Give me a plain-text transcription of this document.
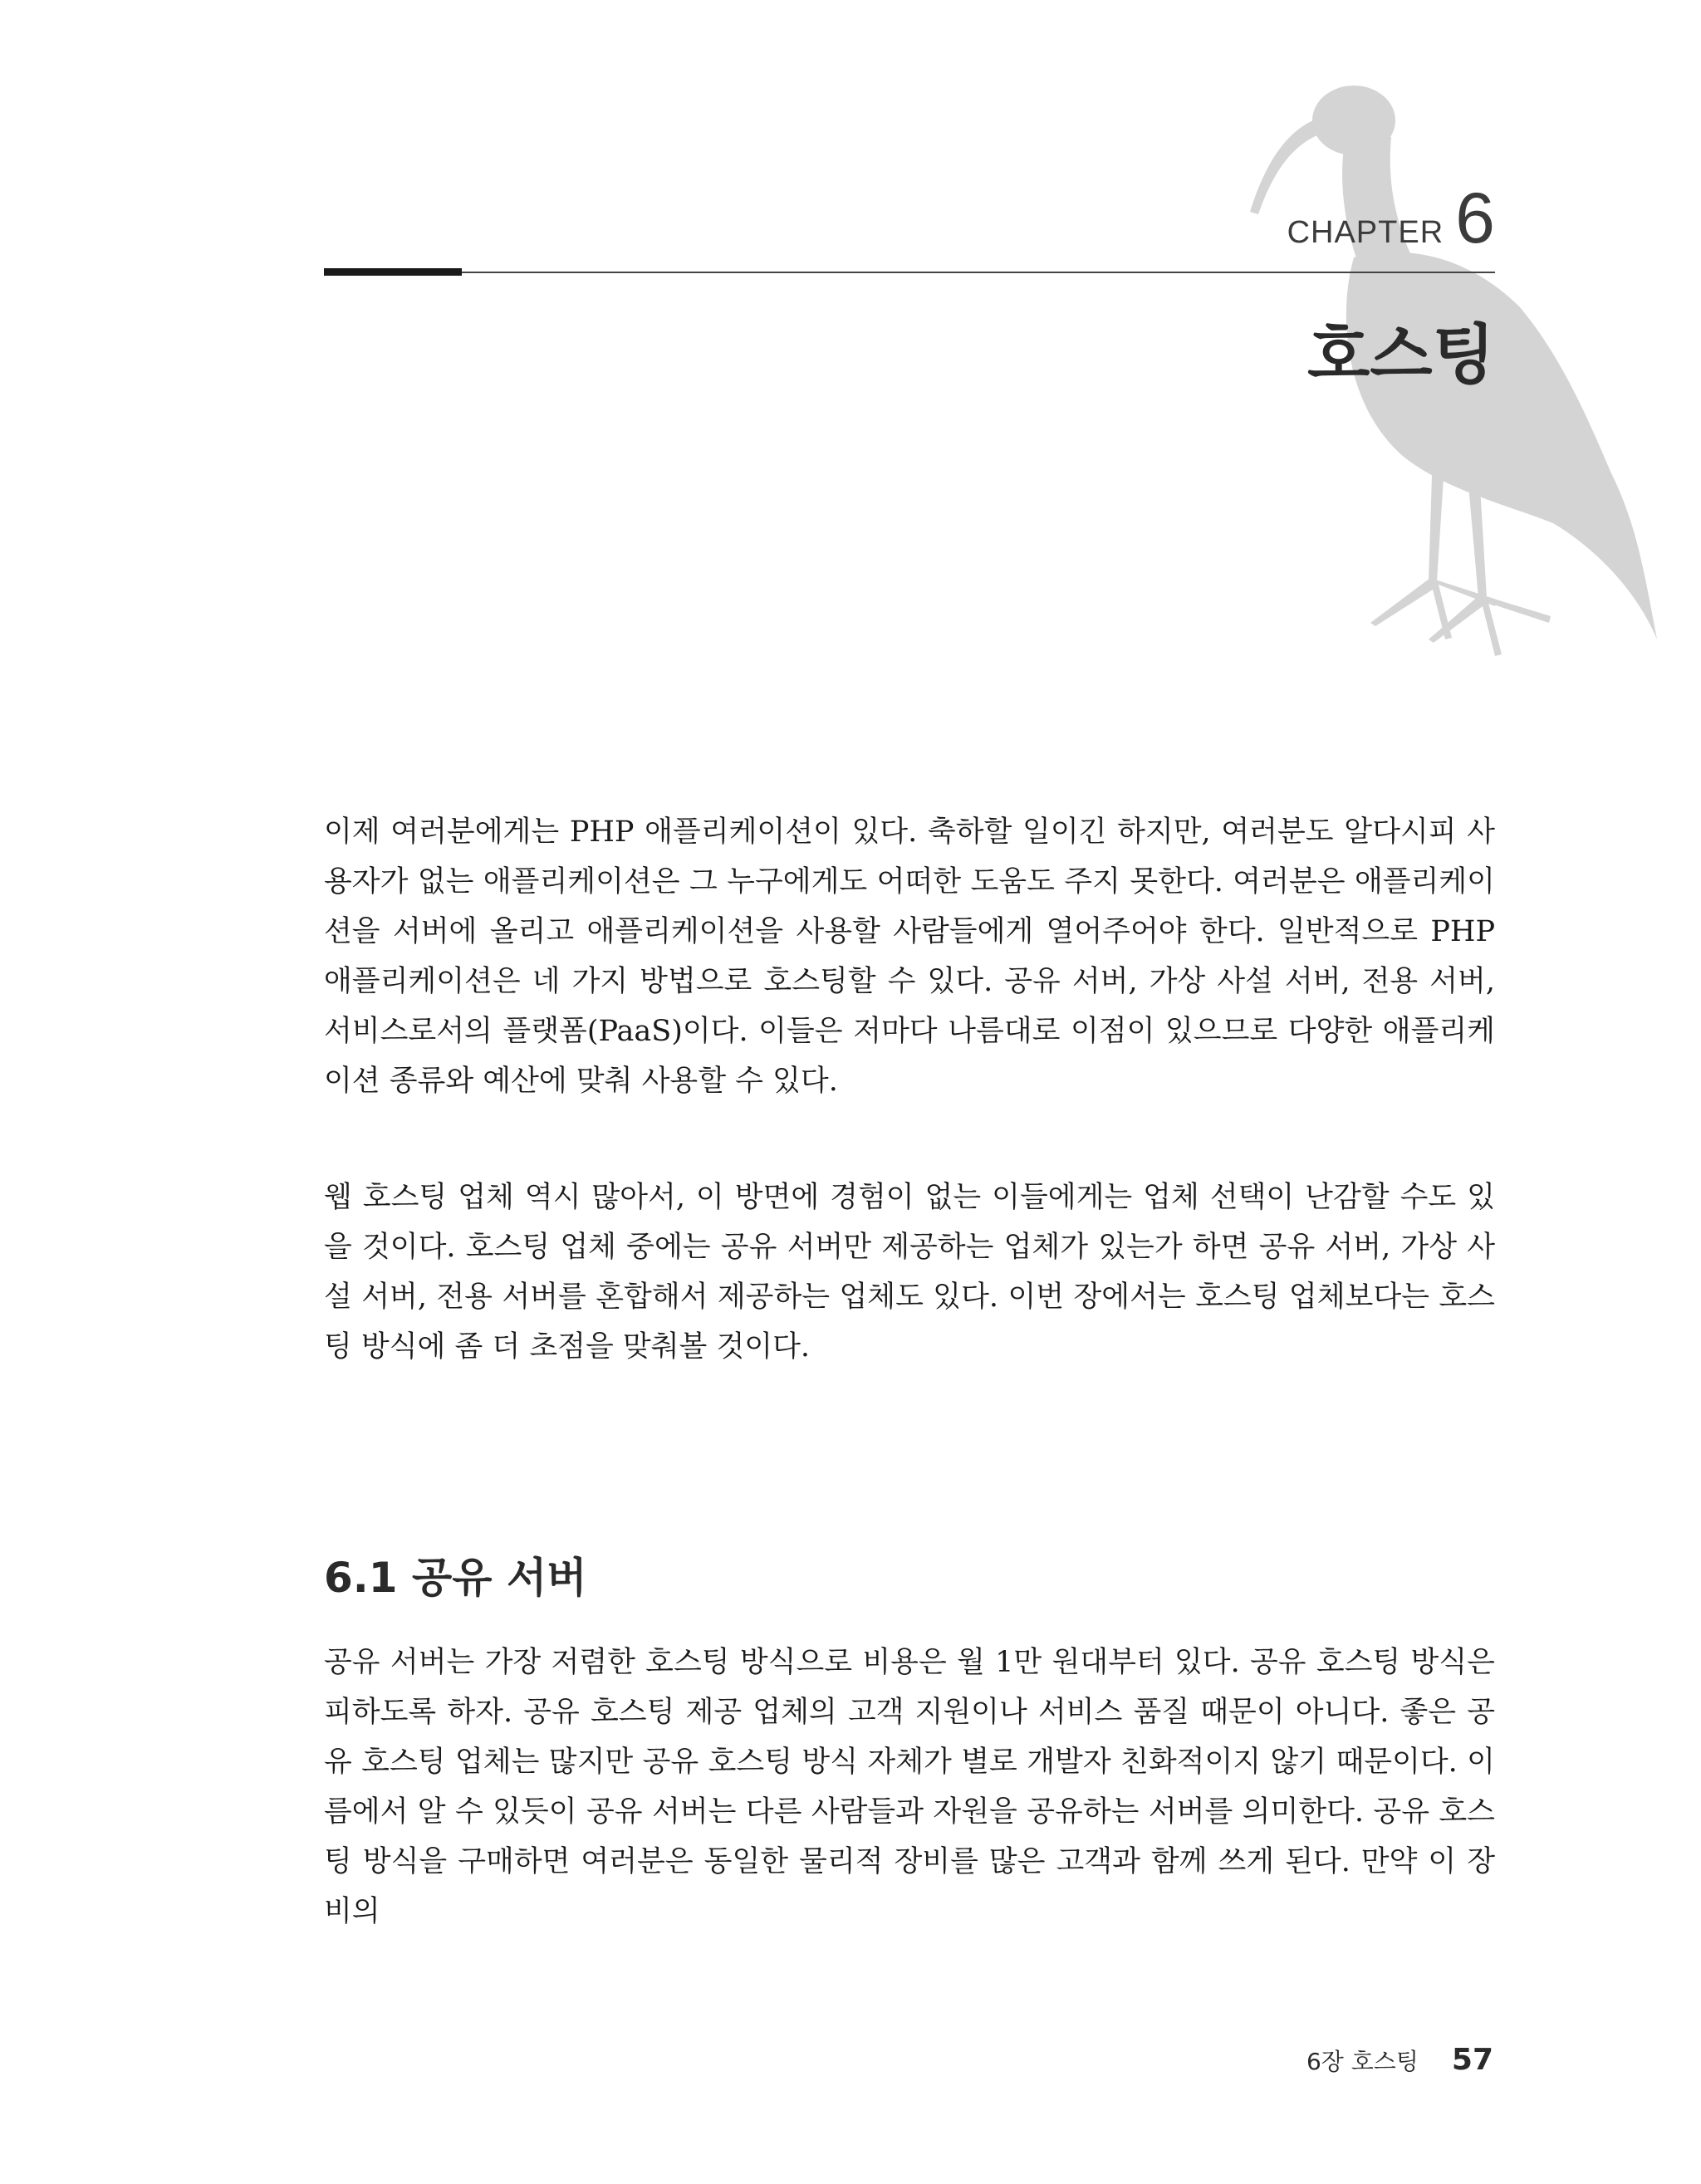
CHAPTER 6
호스팅

이제 여러분에게는 PHP 애플리케이션이 있다. 축하할 일이긴 하지만, 여러분도 알다시피 사용자가 없는 애플리케이션은 그 누구에게도 어떠한 도움도 주지 못한다. 여러분은 애플리케이션을 서버에 올리고 애플리케이션을 사용할 사람들에게 열어주어야 한다. 일반적으로 PHP 애플리케이션은 네 가지 방법으로 호스팅할 수 있다. 공유 서버, 가상 사설 서버, 전용 서버, 서비스로서의 플랫폼(PaaS)이다. 이들은 저마다 나름대로 이점이 있으므로 다양한 애플리케이션 종류와 예산에 맞춰 사용할 수 있다.

웹 호스팅 업체 역시 많아서, 이 방면에 경험이 없는 이들에게는 업체 선택이 난감할 수도 있을 것이다. 호스팅 업체 중에는 공유 서버만 제공하는 업체가 있는가 하면 공유 서버, 가상 사설 서버, 전용 서버를 혼합해서 제공하는 업체도 있다. 이번 장에서는 호스팅 업체보다는 호스팅 방식에 좀 더 초점을 맞춰볼 것이다.

6.1 공유 서버

공유 서버는 가장 저렴한 호스팅 방식으로 비용은 월 1만 원대부터 있다. 공유 호스팅 방식은 피하도록 하자. 공유 호스팅 제공 업체의 고객 지원이나 서비스 품질 때문이 아니다. 좋은 공유 호스팅 업체는 많지만 공유 호스팅 방식 자체가 별로 개발자 친화적이지 않기 때문이다. 이름에서 알 수 있듯이 공유 서버는 다른 사람들과 자원을 공유하는 서버를 의미한다. 공유 호스팅 방식을 구매하면 여러분은 동일한 물리적 장비를 많은 고객과 함께 쓰게 된다. 만약 이 장비의

6장 호스팅 57
